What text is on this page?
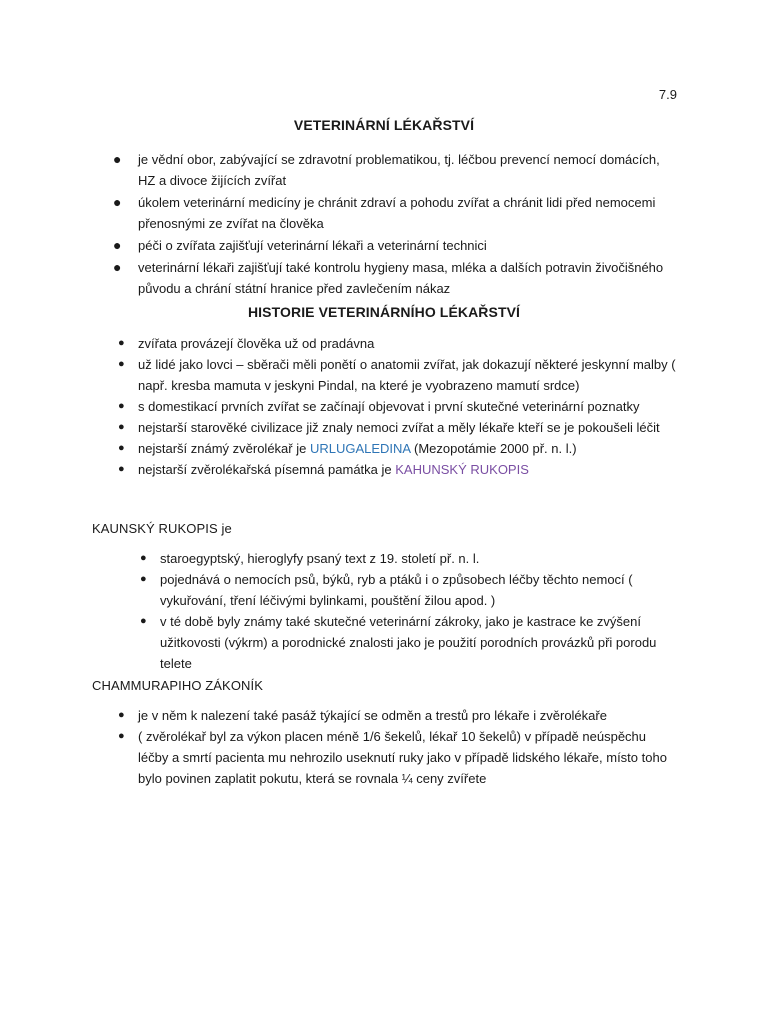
7.9
VETERINÁRNÍ LÉKAŘSTVÍ
● je vědní obor, zabývající se zdravotní problematikou, tj. léčbou prevencí nemocí domácích, HZ a divoce žijících zvířat
● úkolem veterinární medicíny je chránit zdraví a pohodu zvířat a chránit lidi před nemocemi přenosnými ze zvířat na člověka
● péči o zvířata zajišťují veterinární lékaři a veterinární technici
● veterinární lékaři zajišťují také kontrolu hygieny masa, mléka a dalších potravin živočišného původu a chrání státní hranice před zavlečením nákaz
HISTORIE VETERINÁRNÍHO LÉKAŘSTVÍ
● zvířata provázejí člověka už od pradávna
● už lidé jako lovci – sběrači měli ponětí o anatomii zvířat, jak dokazují některé jeskynní malby ( např. kresba mamuta v jeskyni Pindal, na které je vyobrazeno mamutí srdce)
● s domestikací prvních zvířat se začínají objevovat i první skutečné veterinární poznatky
● nejstarší starověké civilizace již znaly nemoci zvířat a měly lékaře kteří se je pokoušeli léčit
● nejstarší známý zvěrolékař je URLUGALEDINA (Mezopotámie 2000 př. n. l.)
● nejstarší zvěrolékařská písemná památka je KAHUNSKÝ RUKOPIS
KAUNSKÝ RUKOPIS je
● staroegyptský, hieroglyfy psaný text z 19. století př. n. l.
● pojednává o nemocích psů, býků, ryb a ptáků i o způsobech léčby těchto nemocí ( vykuřování, tření léčivými bylinkami, pouštění žilou apod. )
● v té době byly známy také skutečné veterinární zákroky, jako je kastrace ke zvýšení užitkovosti (výkrm) a porodnické znalosti jako je použití porodních provázků při porodu telete
CHAMMURAPIHO ZÁKONÍK
● je v něm k nalezení také pasáž týkající se odměn a trestů pro lékaře i zvěrolékaře
● ( zvěrolékař byl za výkon placen méně 1/6 šekelů, lékař 10 šekelů) v případě neúspěchu léčby a smrtí pacienta mu nehrozilo useknutí ruky jako v případě lidského lékaře, místo toho bylo povinen zaplatit pokutu, která se rovnala ¼ ceny zvířete
